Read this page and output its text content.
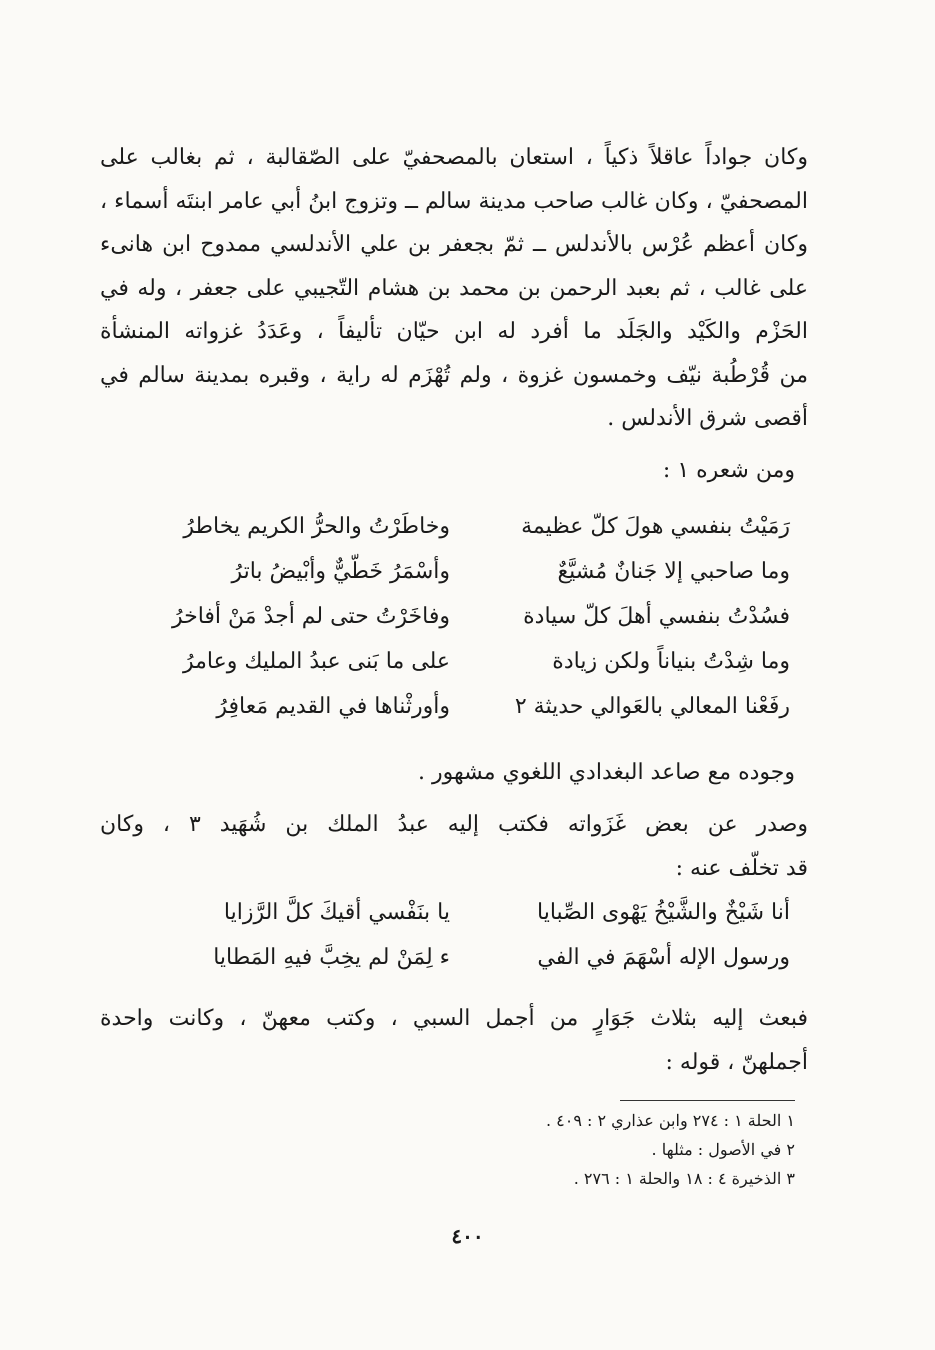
وكان جواداً عاقلاً ذكياً ، استعان بالمصحفيّ على الصّقالبة ، ثم بغالب على
المصحفيّ ، وكان غالب صاحب مدينة سالم ــ وتزوج ابنُ أبي عامر ابنتَه أسماء ،
وكان أعظم عُرْس بالأندلس ــ ثمّ بجعفر بن علي الأندلسي ممدوح ابن هانىء
على غالب ، ثم بعبد الرحمن بن محمد بن هشام التّجيبي على جعفر ، وله في
الحَزْم والكَيْد والجَلَد ما أفرد له ابن حيّان تأليفاً ، وعَدَدُ غزواته المنشأة
من قُرْطُبة نيّف وخمسون غزوة ، ولم تُهْزَم له راية ، وقبره بمدينة سالم في
أقصى شرق الأندلس .
ومن شعره ١ :
رَمَيْتُ بنفسي هولَ كلّ عظيمة
وخاطَرْتُ والحرُّ الكريم يخاطرُ
وما صاحبي إلا جَنانٌ مُشيَّعٌ
وأسْمَرُ خَطّيٌّ وأبْيضُ باترُ
فسُدْتُ بنفسي أهلَ كلّ سيادة
وفاخَرْتُ حتى لم أجدْ مَنْ أفاخرُ
وما شِدْتُ بنياناً ولكن زيادة
على ما بَنى عبدُ المليك وعامرُ
رفَعْنا المعالي بالعَوالي حديثة ٢
وأورثْناها في القديم مَعافِرُ
وجوده مع صاعد البغدادي اللغوي مشهور .
وصدر عن بعض غَزَواته فكتب إليه عبدُ الملك بن شُهَيد ٣ ، وكان
قد تخلّف عنه :
أنا شَيْخٌ والشَّيْخُ يَهْوى الصِّبايا
يا بنَفْسي أقيكَ كلَّ الرَّزايا
ورسول الإله أسْهَمَ في الفي
ء لِمَنْ لم يخِبَّ فيهِ المَطايا
فبعث إليه بثلاث جَوَارٍ من أجمل السبي ، وكتب معهنّ ، وكانت واحدة
أجملهنّ ، قوله :
١ الحلة ١ : ٢٧٤ وابن عذاري ٢ : ٤٠٩ .
٢ في الأصول : مثلها .
٣ الذخيرة ٤ : ١٨ والحلة ١ : ٢٧٦ .
٤٠٠
